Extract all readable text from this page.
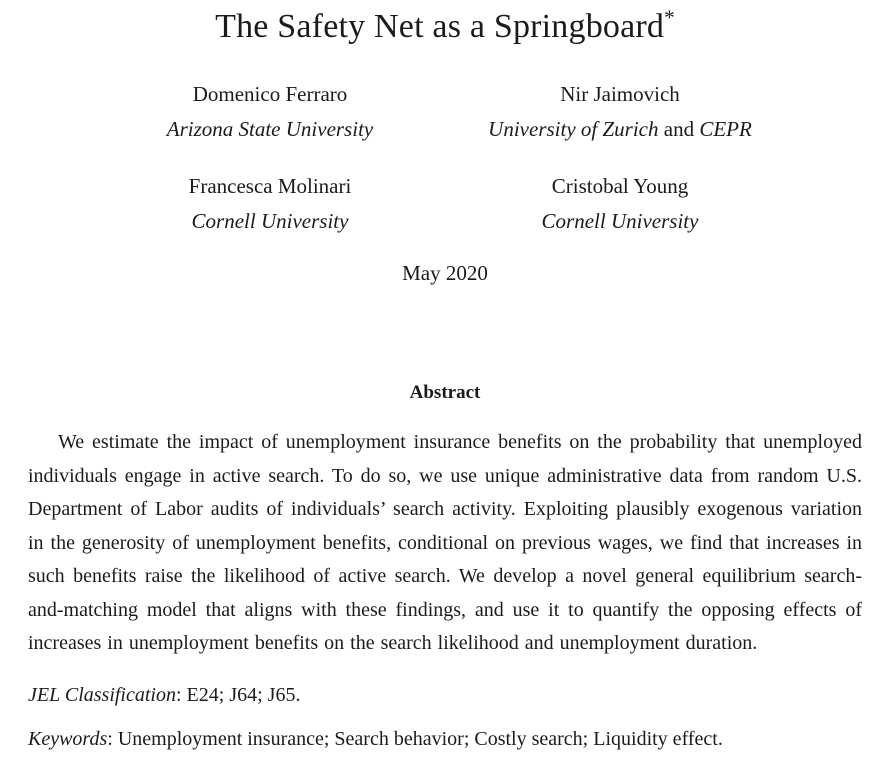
The Safety Net as a Springboard*
Domenico Ferraro
Arizona State University
Nir Jaimovich
University of Zurich and CEPR
Francesca Molinari
Cornell University
Cristobal Young
Cornell University
May 2020
Abstract

We estimate the impact of unemployment insurance benefits on the probability that unemployed individuals engage in active search. To do so, we use unique administrative data from random U.S. Department of Labor audits of individuals’ search activity. Exploiting plausibly exogenous variation in the generosity of unemployment benefits, conditional on previous wages, we find that increases in such benefits raise the likelihood of active search. We develop a novel general equilibrium search-and-matching model that aligns with these findings, and use it to quantify the opposing effects of increases in unemployment benefits on the search likelihood and unemployment duration.

JEL Classification: E24; J64; J65.
Keywords: Unemployment insurance; Search behavior; Costly search; Liquidity effect.
